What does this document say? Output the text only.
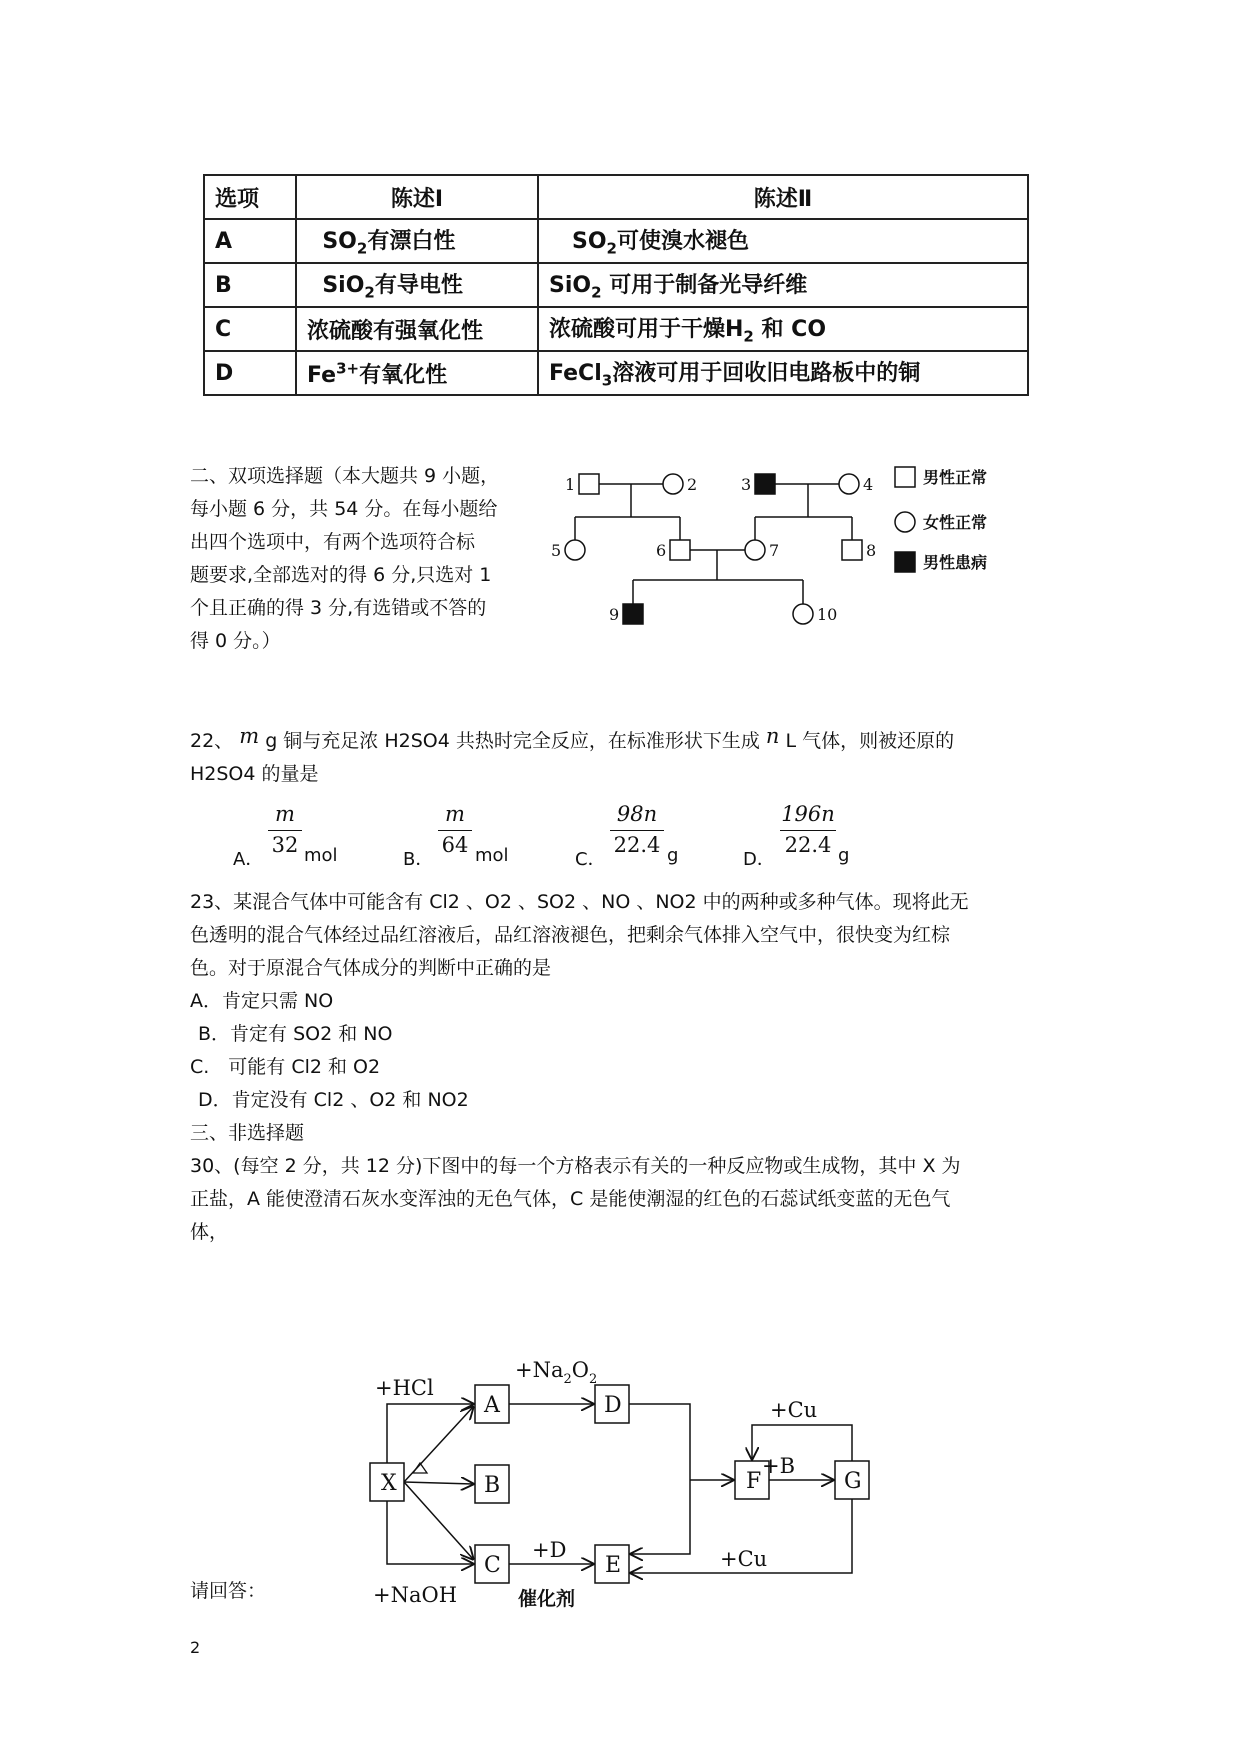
选项	陈述Ⅰ	陈述Ⅱ
A	$SO_2$有漂白性	$SO_2$可使溴水褪色
B	SiO$_2$有导电性	SiO$_2$ 可用于制备光导纤维
C	浓硫酸有强氧化性	浓硫酸可用于干燥$H_2$ 和 CO
D	$Fe^{3+}$有氧化性	FeCl$_3$溶液可用于回收旧电路板中的铜
二、双项选择题（本大题共 9 小题，
每小题 6 分，共 54 分。在每小题给
出四个选项中，有两个选项符合标
题要求,全部选对的得 6 分,只选对 1
个且正确的得 3 分,有选错或不答的
得 0 分。）
1	2	3	4
5	6	7	8
9	10
男性正常
女性正常
男性患病
22、 m g 铜与充足浓 H2SO4 共热时完全反应，在标准形状下生成 n L 气体，则被还原的
H2SO4 的量是
A．
m
32 mol	B．
m
64 mol	C．
98n
22.4 g	D．
196n
22.4 g
23、某混合气体中可能含有 Cl2 、O2 、SO2 、NO 、NO2 中的两种或多种气体。现将此无
色透明的混合气体经过品红溶液后，品红溶液褪色，把剩余气体排入空气中，很快变为红棕
色。对于原混合气体成分的判断中正确的是
A．肯定只需 NO
B．肯定有 SO2 和 NO
C.　可能有 Cl2 和 O2
D．肯定没有 Cl2 、O2 和 NO2
三、非选择题
30、(每空 2 分，共 12 分)下图中的每一个方格表示有关的一种反应物或生成物，其中 X 为
正盐，A 能使澄清石灰水变浑浊的无色气体，C 是能使潮湿的红色的石蕊试纸变蓝的无色气
体，
X
A
B
C
D
E
F	G
+HCl
$+Na_2O_2$
+NaOH
+D
+B
+Cu
+Cu
催化剂
请回答：
2
